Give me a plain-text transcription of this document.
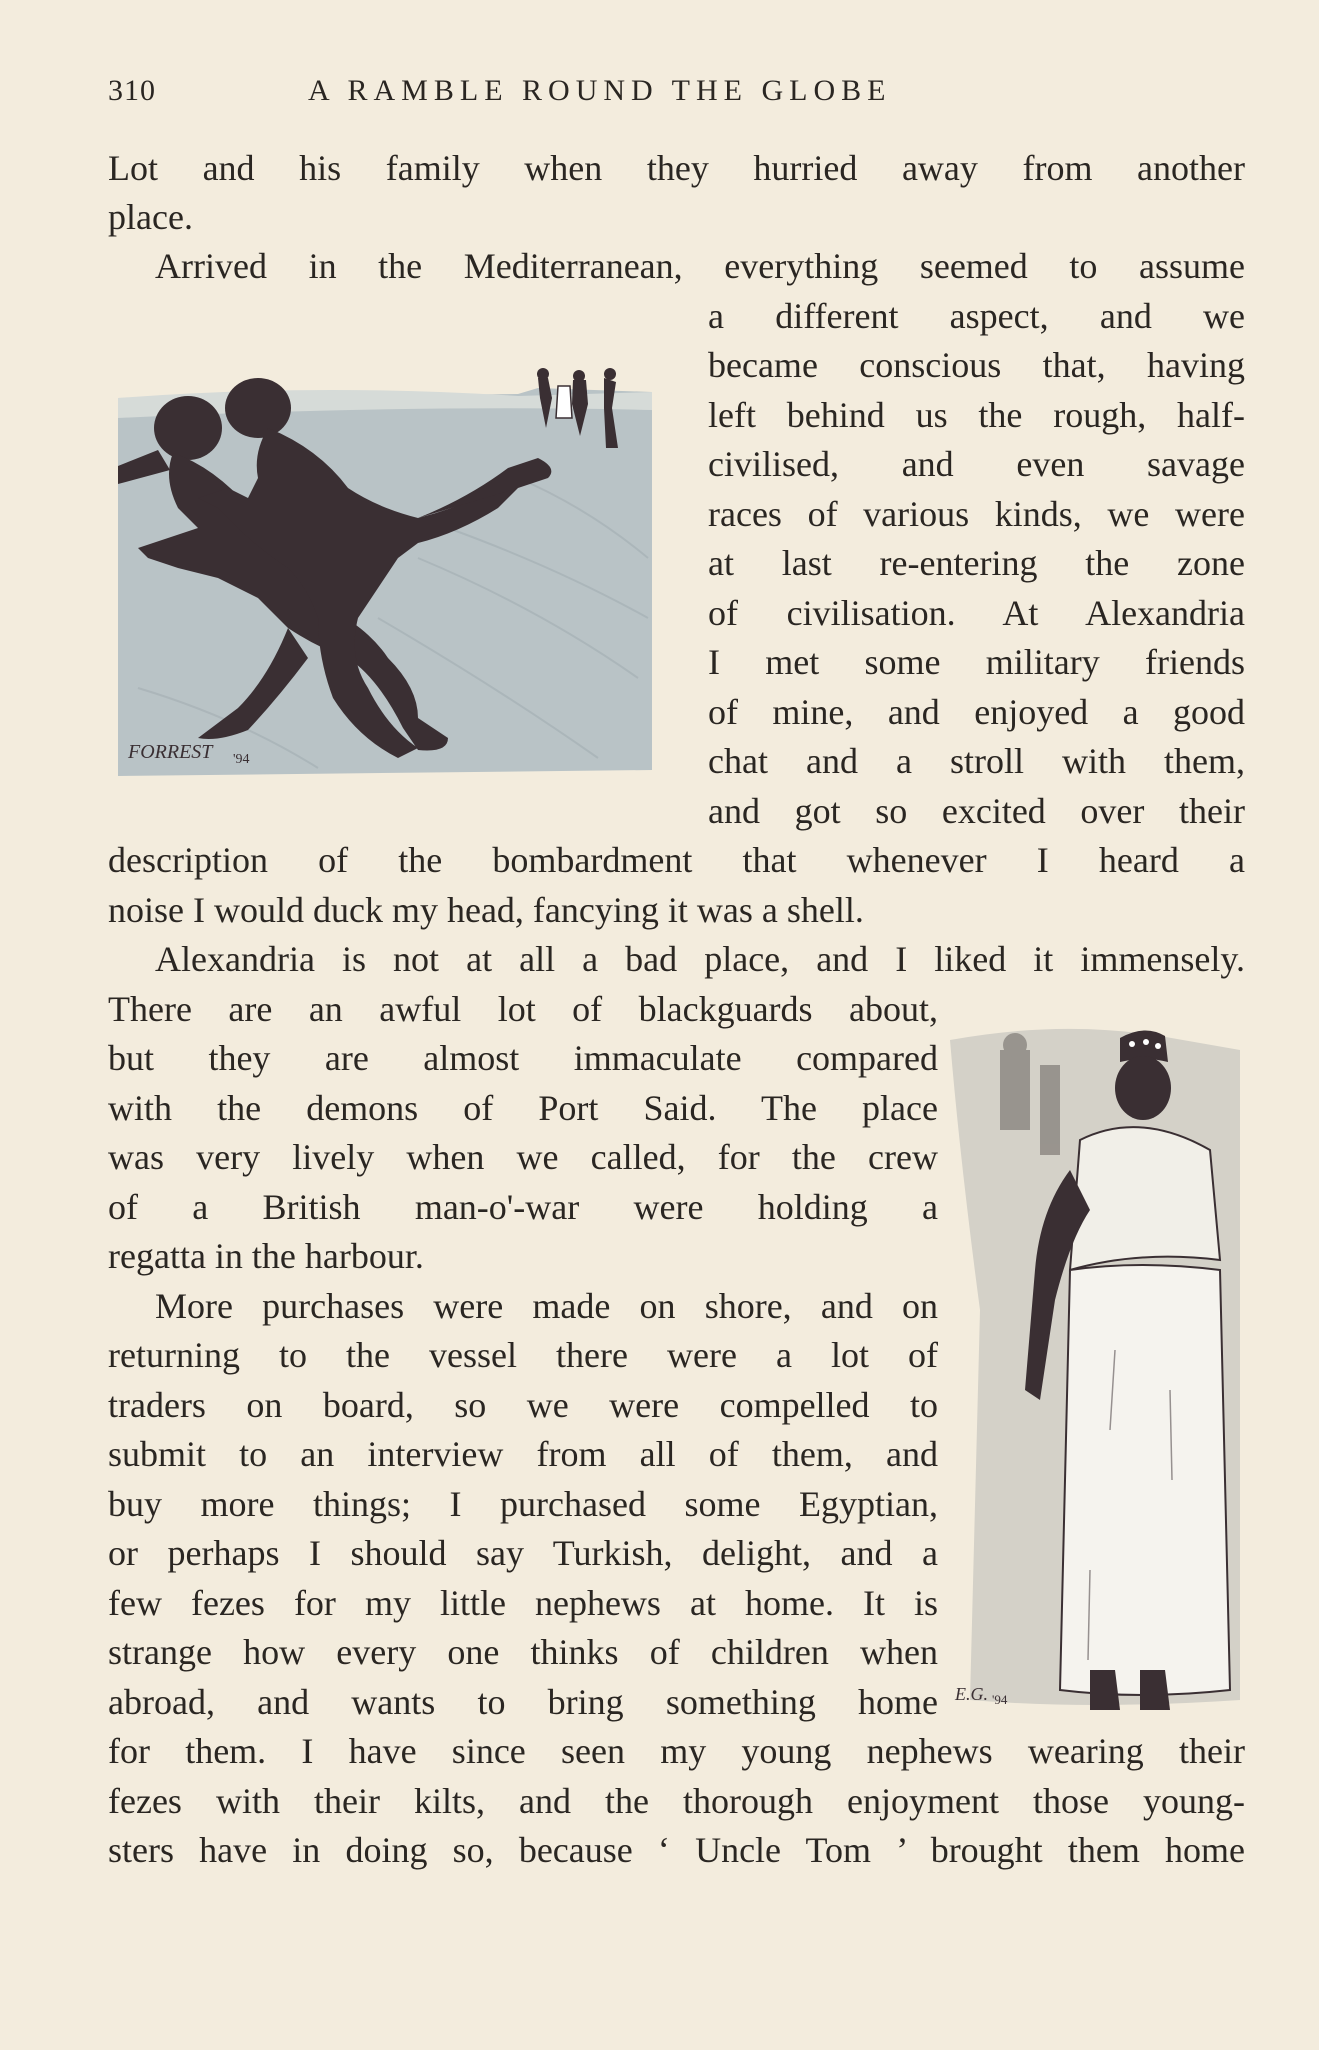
310	A RAMBLE ROUND THE GLOBE
Lot and his family when they hurried away from another
place.
Arrived in the Mediterranean, everything seemed to assume
a different aspect, and we
became conscious that, having
left behind us the rough, half-
civilised, and even savage
races of various kinds, we were
at last re-entering the zone
of civilisation. At Alexandria
I met some military friends
of mine, and enjoyed a good
chat and a stroll with them,
and got so excited over their
description of the bombardment that whenever I heard a
noise I would duck my head, fancying it was a shell.
Alexandria is not at all a bad place, and I liked it immensely.
There are an awful lot of blackguards about,
but they are almost immaculate compared
with the demons of Port Said. The place
was very lively when we called, for the crew
of a British man-o'-war were holding a
regatta in the harbour.
More purchases were made on shore, and on
returning to the vessel there were a lot of
traders on board, so we were compelled to
submit to an interview from all of them, and
buy more things; I purchased some Egyptian,
or perhaps I should say Turkish, delight, and a
few fezes for my little nephews at home. It is
strange how every one thinks of children when
abroad, and wants to bring something home
for them. I have since seen my young nephews wearing their
fezes with their kilts, and the thorough enjoyment those young-
sters have in doing so, because ‘ Uncle Tom ’ brought them home
FORREST '94
E.G. '94
